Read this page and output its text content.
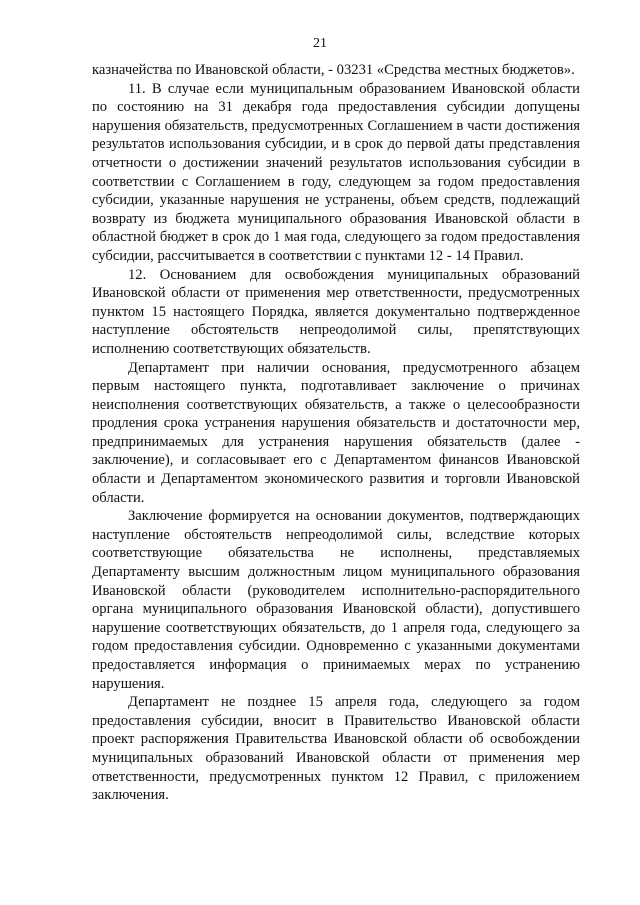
21

казначейства по Ивановской области, - 03231 «Средства местных бюджетов».

11. В случае если муниципальным образованием Ивановской области по состоянию на 31 декабря года предоставления субсидии допущены нарушения обязательств, предусмотренных Соглашением в части достижения результатов использования субсидии, и в срок до первой даты представления отчетности о достижении значений результатов использования субсидии в соответствии с Соглашением в году, следующем за годом предоставления субсидии, указанные нарушения не устранены, объем средств, подлежащий возврату из бюджета муниципального образования Ивановской области в областной бюджет в срок до 1 мая года, следующего за годом предоставления субсидии, рассчитывается в соответствии с пунктами 12 - 14 Правил.

12. Основанием для освобождения муниципальных образований Ивановской области от применения мер ответственности, предусмотренных пунктом 15 настоящего Порядка, является документально подтвержденное наступление обстоятельств непреодолимой силы, препятствующих исполнению соответствующих обязательств.

Департамент при наличии основания, предусмотренного абзацем первым настоящего пункта, подготавливает заключение о причинах неисполнения соответствующих обязательств, а также о целесообразности продления срока устранения нарушения обязательств и достаточности мер, предпринимаемых для устранения нарушения обязательств (далее - заключение), и согласовывает его с Департаментом финансов Ивановской области и Департаментом экономического развития и торговли Ивановской области.

Заключение формируется на основании документов, подтверждающих наступление обстоятельств непреодолимой силы, вследствие которых соответствующие обязательства не исполнены, представляемых Департаменту высшим должностным лицом муниципального образования Ивановской области (руководителем исполнительно-распорядительного органа муниципального образования Ивановской области), допустившего нарушение соответствующих обязательств, до 1 апреля года, следующего за годом предоставления субсидии. Одновременно с указанными документами предоставляется информация о принимаемых мерах по устранению нарушения.

Департамент не позднее 15 апреля года, следующего за годом предоставления субсидии, вносит в Правительство Ивановской области проект распоряжения Правительства Ивановской области об освобождении муниципальных образований Ивановской области от применения мер ответственности, предусмотренных пунктом 12 Правил, с приложением заключения.
